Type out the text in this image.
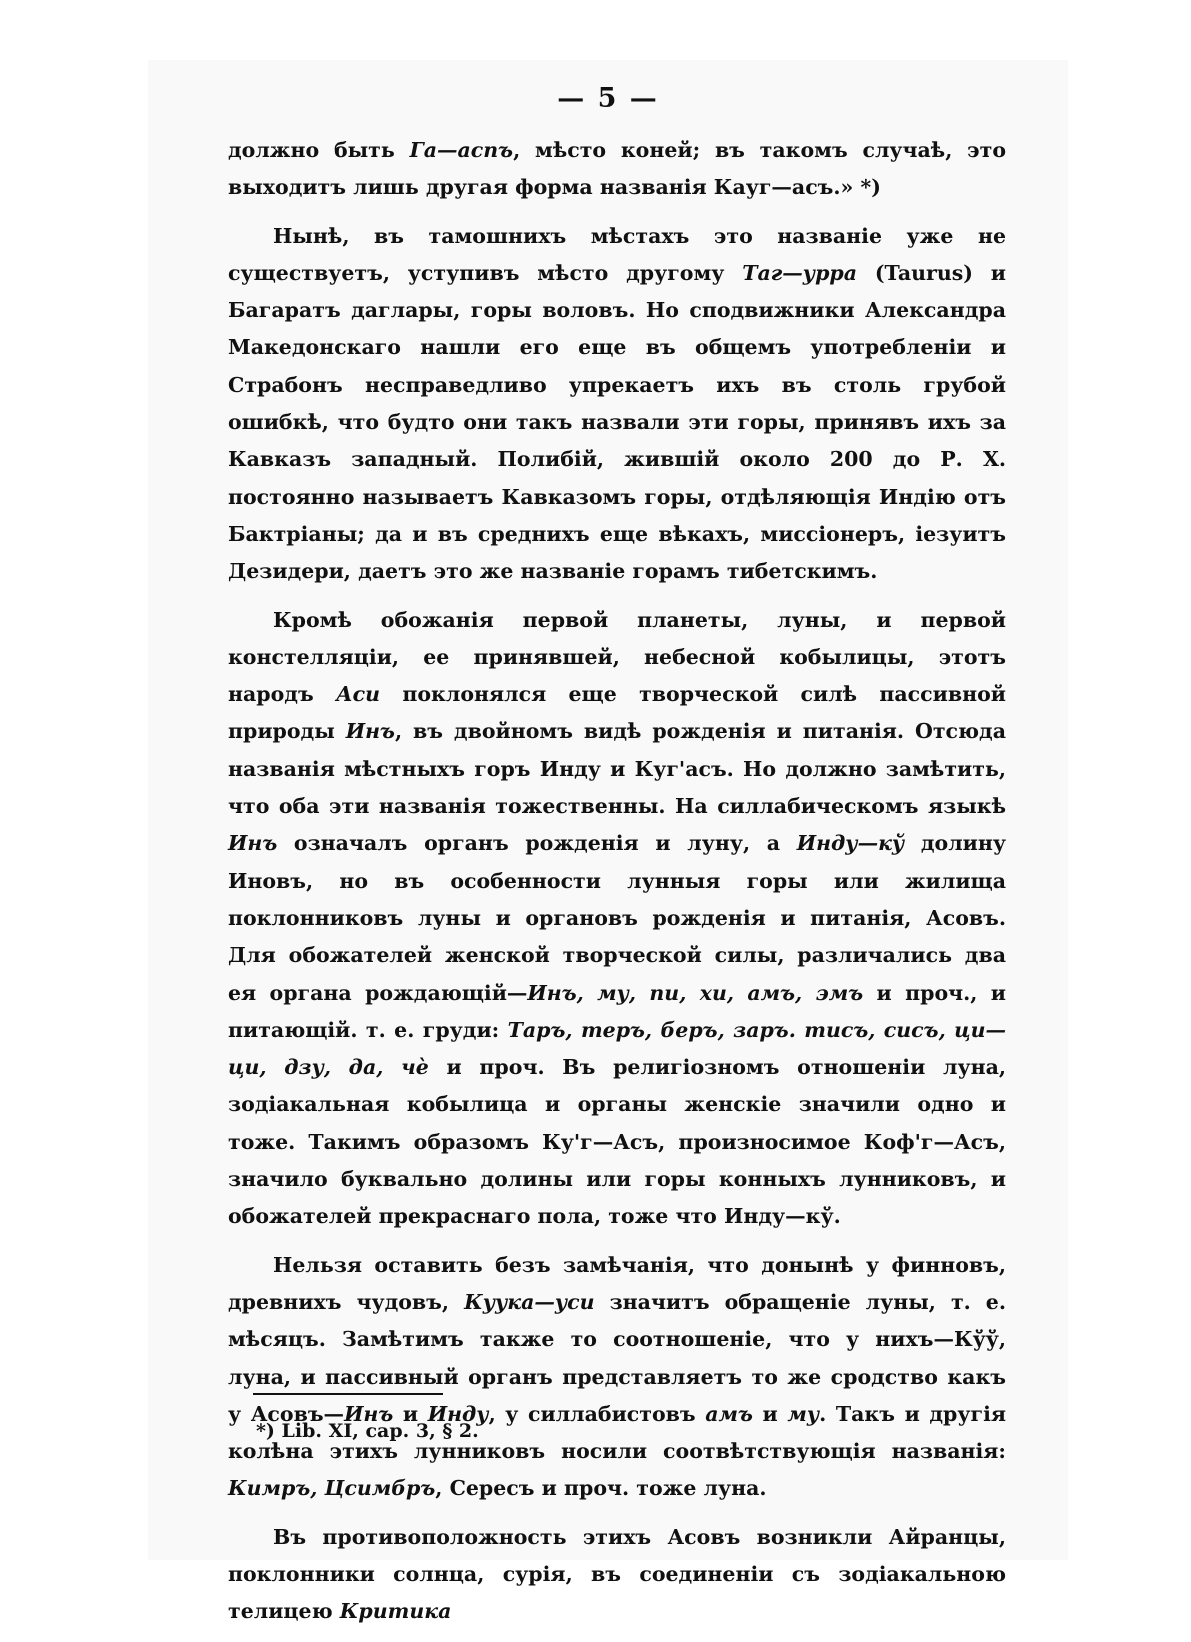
— 5 —

должно быть Га—аспъ, мѣсто коней; въ такомъ случаѣ, это выходитъ лишь другая форма названія Кауг—асъ.» *)

Нынѣ, въ тамошнихъ мѣстахъ это названіе уже не существуетъ, уступивъ мѣсто другому Таг—урра (Taurus) и Багаратъ даглары, горы воловъ. Но сподвижники Александра Македонскаго нашли его еще въ общемъ употребленіи и Страбонъ несправедливо упрекаетъ ихъ въ столь грубой ошибкѣ, что будто они такъ назвали эти горы, принявъ ихъ за Кавказъ западный. Полибій, жившій около 200 до Р. Х. постоянно называетъ Кавказомъ горы, отдѣляющія Индію отъ Бактріаны; да и въ среднихъ еще вѣкахъ, миссіонеръ, іезуитъ Дезидери, даетъ это же названіе горамъ тибетскимъ.

Кромѣ обожанія первой планеты, луны, и первой констелляціи, ее принявшей, небесной кобылицы, этотъ народъ Аси поклонялся еще творческой силѣ пассивной природы Инъ, въ двойномъ видѣ рожденія и питанія. Отсюда названія мѣстныхъ горъ Инду и Куг'асъ. Но должно замѣтить, что оба эти названія тожественны. На силлабическомъ языкѣ Инъ означалъ органъ рожденія и луну, а Инду—кў долину Иновъ, но въ особенности лунныя горы или жилища поклонниковъ луны и органовъ рожденія и питанія, Асовъ. Для обожателей женской творческой силы, различались два ея органа рождающій—Инъ, му, пи, хи, амъ, эмъ и проч., и питающій. т. е. груди: Таръ, теръ, беръ, заръ. тисъ, сисъ, ци—ци, дзу, да, чѐ и проч. Въ религіозномъ отношеніи луна, зодіакальная кобылица и органы женскіе значили одно и тоже. Такимъ образомъ Ку'г—Асъ, произносимое Коф'г—Асъ, значило буквально долины или горы конныхъ лунниковъ, и обожателей прекраснаго пола, тоже что Инду—кў.

Нельзя оставить безъ замѣчанія, что донынѣ у финновъ, древнихъ чудовъ, Куука—уси значитъ обращеніе луны, т. е. мѣсяцъ. Замѣтимъ также то соотношеніе, что у нихъ—Кўў, луна, и пассивный органъ представляетъ то же сродство какъ у Асовъ—Инъ и Инду, у силлабистовъ амъ и му. Такъ и другія колѣна этихъ лунниковъ носили соотвѣтствующія названія: Кимръ, Цсимбръ, Сересъ и проч. тоже луна.

Въ противоположность этихъ Асовъ возникли Айранцы, поклонники солнца, сурія, въ соединеніи съ зодіакальною телицею Критика

*) Lib. XI, cap. 3, § 2.
